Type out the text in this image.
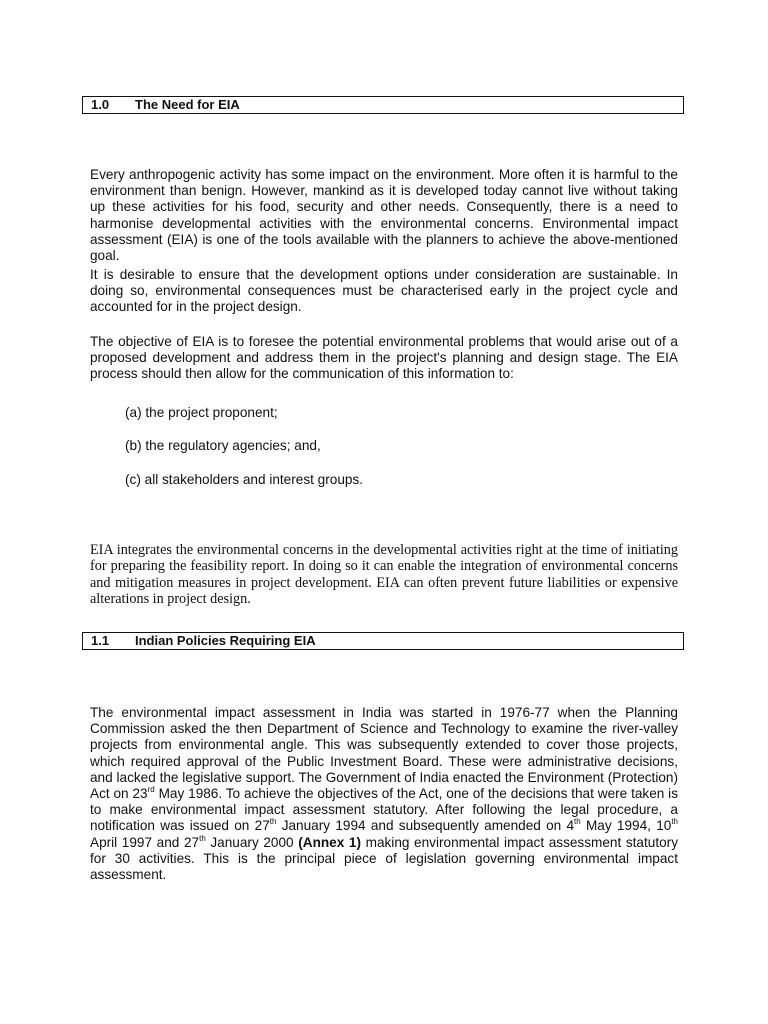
1.0 The Need for EIA

Every anthropogenic activity has some impact on the environment. More often it is harmful to the environment than benign. However, mankind as it is developed today cannot live without taking up these activities for his food, security and other needs. Consequently, there is a need to harmonise developmental activities with the environmental concerns. Environmental impact assessment (EIA) is one of the tools available with the planners to achieve the above-mentioned goal.

It is desirable to ensure that the development options under consideration are sustainable. In doing so, environmental consequences must be characterised early in the project cycle and accounted for in the project design.

The objective of EIA is to foresee the potential environmental problems that would arise out of a proposed development and address them in the project's planning and design stage. The EIA process should then allow for the communication of this information to:

(a) the project proponent;

(b) the regulatory agencies; and,

(c) all stakeholders and interest groups.

EIA integrates the environmental concerns in the developmental activities right at the time of initiating for preparing the feasibility report. In doing so it can enable the integration of environmental concerns and mitigation measures in project development. EIA can often prevent future liabilities or expensive alterations in project design.

1.1 Indian Policies Requiring EIA

The environmental impact assessment in India was started in 1976-77 when the Planning Commission asked the then Department of Science and Technology to examine the river-valley projects from environmental angle. This was subsequently extended to cover those projects, which required approval of the Public Investment Board. These were administrative decisions, and lacked the legislative support. The Government of India enacted the Environment (Protection) Act on 23rd May 1986. To achieve the objectives of the Act, one of the decisions that were taken is to make environmental impact assessment statutory. After following the legal procedure, a notification was issued on 27th January 1994 and subsequently amended on 4th May 1994, 10th April 1997 and 27th January 2000 (Annex 1) making environmental impact assessment statutory for 30 activities. This is the principal piece of legislation governing environmental impact assessment.
